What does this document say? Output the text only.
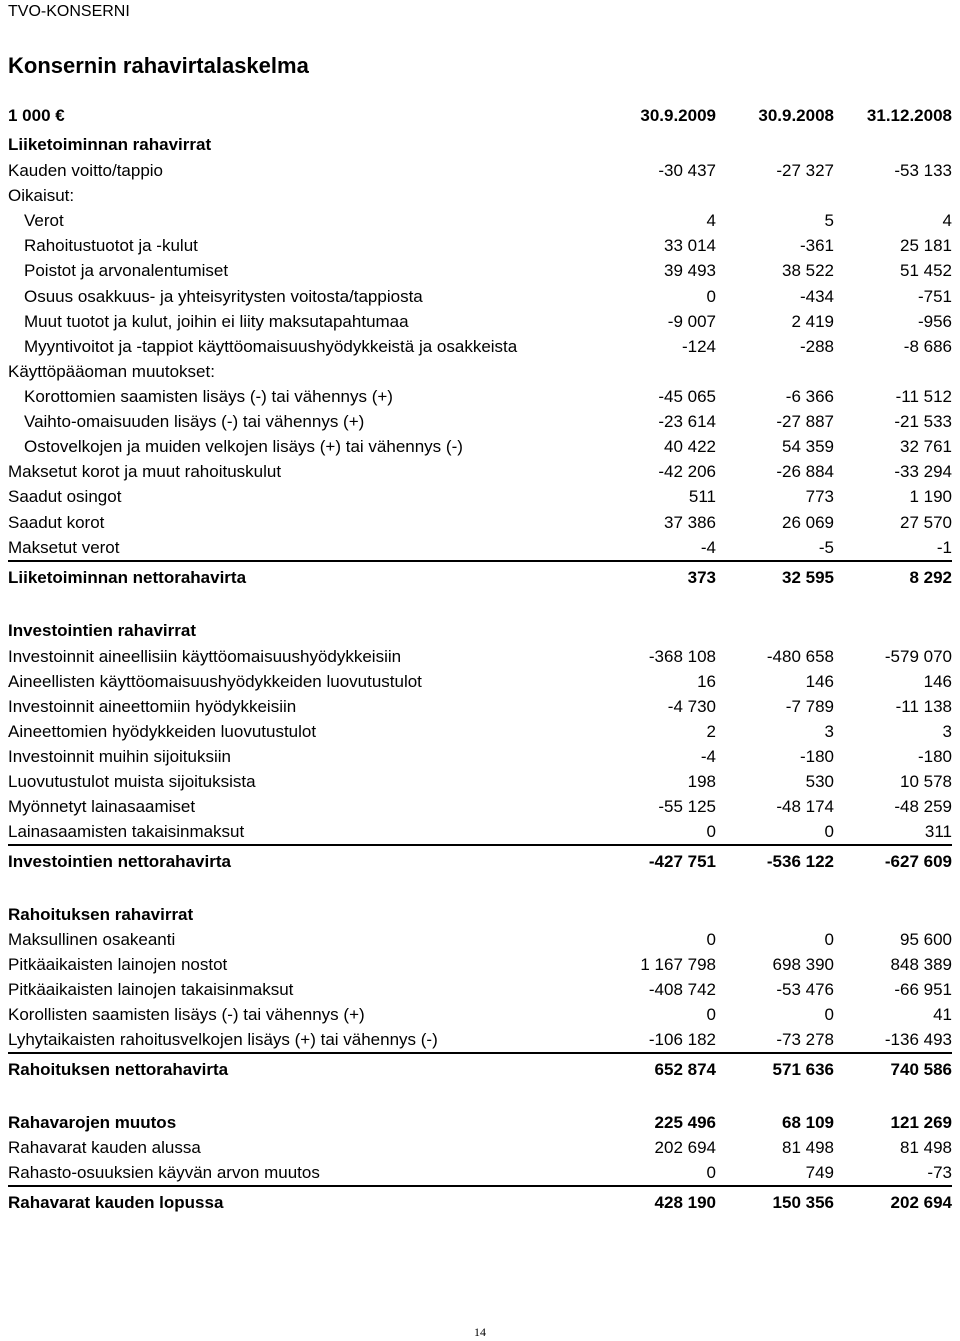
TVO-KONSERNI
Konsernin rahavirtalaskelma
1 000 €	30.9.2009 30.9.2008 31.12.2008
Liiketoiminnan rahavirrat
Kauden voitto/tappio	-30 437	-27 327	-53 133
Oikaisut:
Verot	4	5	4
Rahoitustuotot ja -kulut	33 014	-361	25 181
Poistot ja arvonalentumiset	39 493	38 522	51 452
Osuus osakkuus- ja yhteisyritysten voitosta/tappiosta	0	-434	-751
Muut tuotot ja kulut, joihin ei liity maksutapahtumaa	-9 007	2 419	-956
Myyntivoitot ja -tappiot käyttöomaisuushyödykkeistä ja osakkeista	-124	-288	-8 686
Käyttöpääoman muutokset:
Korottomien saamisten lisäys (-) tai vähennys (+)	-45 065	-6 366	-11 512
Vaihto-omaisuuden lisäys (-) tai vähennys (+)	-23 614	-27 887	-21 533
Ostovelkojen ja muiden velkojen lisäys (+) tai vähennys (-)	40 422	54 359	32 761
Maksetut korot ja muut rahoituskulut	-42 206	-26 884	-33 294
Saadut osingot	511	773	1 190
Saadut korot	37 386	26 069	27 570
Maksetut verot	-4	-5	-1
Liiketoiminnan nettorahavirta	373	32 595	8 292
Investointien rahavirrat
Investoinnit aineellisiin käyttöomaisuushyödykkeisiin	-368 108	-480 658	-579 070
Aineellisten käyttöomaisuushyödykkeiden luovutustulot	16	146	146
Investoinnit aineettomiin hyödykkeisiin	-4 730	-7 789	-11 138
Aineettomien hyödykkeiden luovutustulot	2	3	3
Investoinnit muihin sijoituksiin	-4	-180	-180
Luovutustulot muista sijoituksista	198	530	10 578
Myönnetyt lainasaamiset	-55 125	-48 174	-48 259
Lainasaamisten takaisinmaksut	0	0	311
Investointien nettorahavirta	-427 751	-536 122	-627 609
Rahoituksen rahavirrat
Maksullinen osakeanti	0	0	95 600
Pitkäaikaisten lainojen nostot	1 167 798	698 390	848 389
Pitkäaikaisten lainojen takaisinmaksut	-408 742	-53 476	-66 951
Korollisten saamisten lisäys (-) tai vähennys (+)	0	0	41
Lyhytaikaisten rahoitusvelkojen lisäys (+) tai vähennys (-)	-106 182	-73 278	-136 493
Rahoituksen nettorahavirta	652 874	571 636	740 586
Rahavarojen muutos	225 496	68 109	121 269
Rahavarat kauden alussa	202 694	81 498	81 498
Rahasto-osuuksien käyvän arvon muutos	0	749	-73
Rahavarat kauden lopussa	428 190	150 356	202 694
14
